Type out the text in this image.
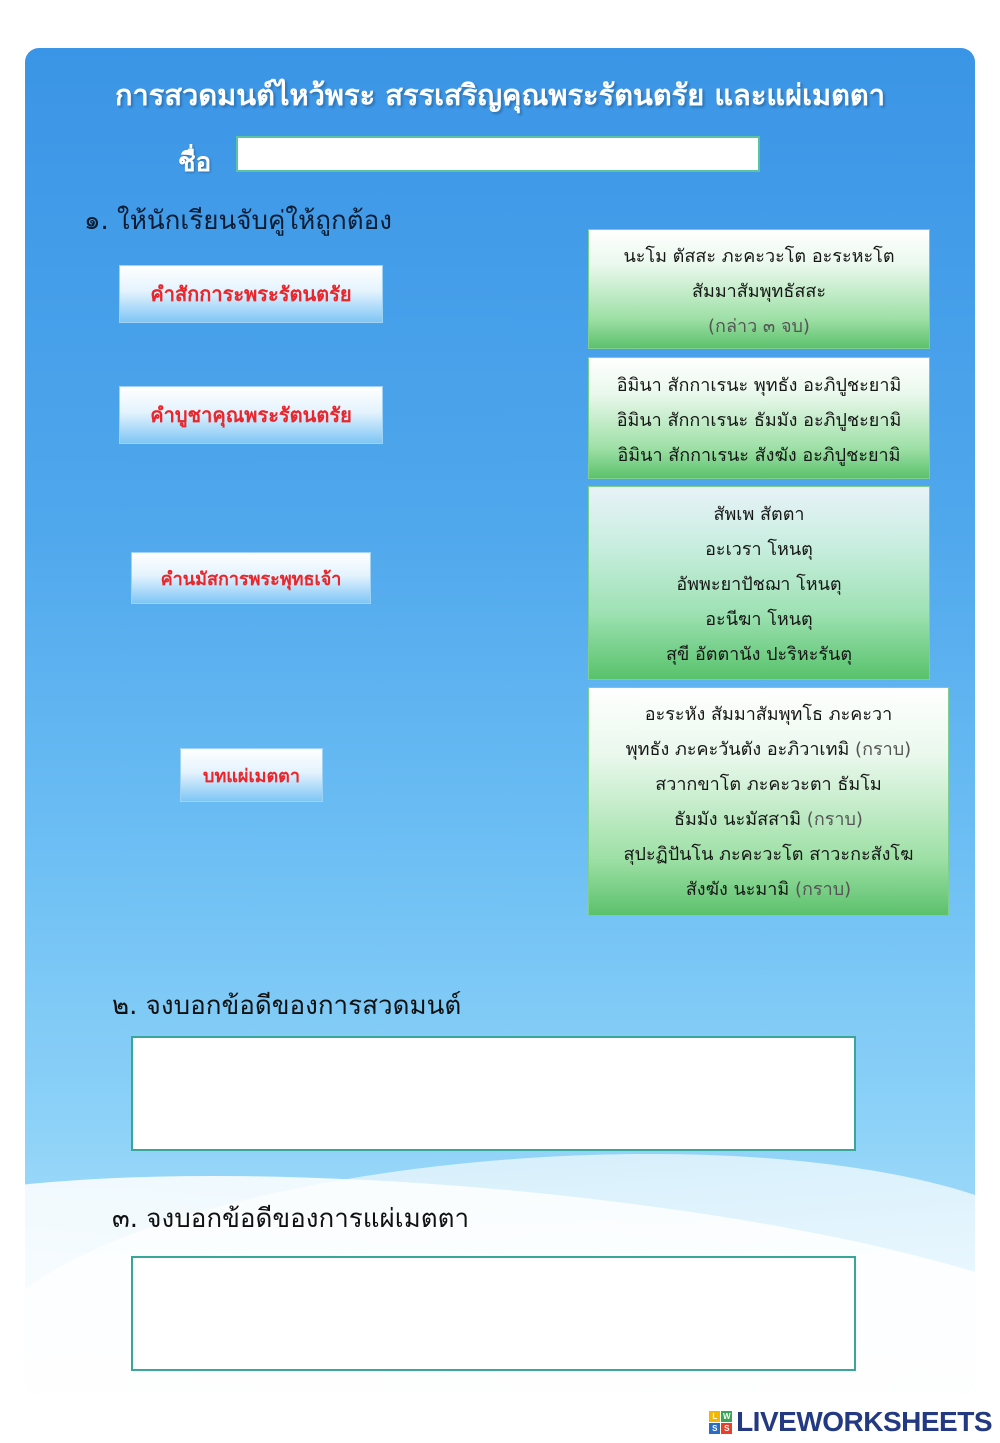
การสวดมนต์ไหว้พระ สรรเสริญคุณพระรัตนตรัย และแผ่เมตตา
ชื่อ
๑. ให้นักเรียนจับคู่ให้ถูกต้อง
คำสักการะพระรัตนตรัย
คำบูชาคุณพระรัตนตรัย
คำนมัสการพระพุทธเจ้า
บทแผ่เมตตา
นะโม ตัสสะ ภะคะวะโต อะระหะโต
สัมมาสัมพุทธัสสะ
(กล่าว ๓ จบ)
อิมินา สักกาเรนะ พุทธัง อะภิปูชะยามิ
อิมินา สักกาเรนะ ธัมมัง อะภิปูชะยามิ
อิมินา สักกาเรนะ สังฆัง อะภิปูชะยามิ
สัพเพ สัตตา
อะเวรา โหนตุ
อัพพะยาปัชฌา โหนตุ
อะนีฆา โหนตุ
สุขี อัตตานัง ปะริหะรันตุ
อะระหัง สัมมาสัมพุทโธ ภะคะวา
พุทธัง ภะคะวันตัง อะภิวาเทมิ (กราบ)
สวากขาโต ภะคะวะตา ธัมโม
ธัมมัง นะมัสสามิ (กราบ)
สุปะฏิปันโน ภะคะวะโต สาวะกะสังโฆ
สังฆัง นะมามิ (กราบ)
๒. จงบอกข้อดีของการสวดมนต์
๓. จงบอกข้อดีของการแผ่เมตตา
L W
S S LIVEWORKSHEETS
